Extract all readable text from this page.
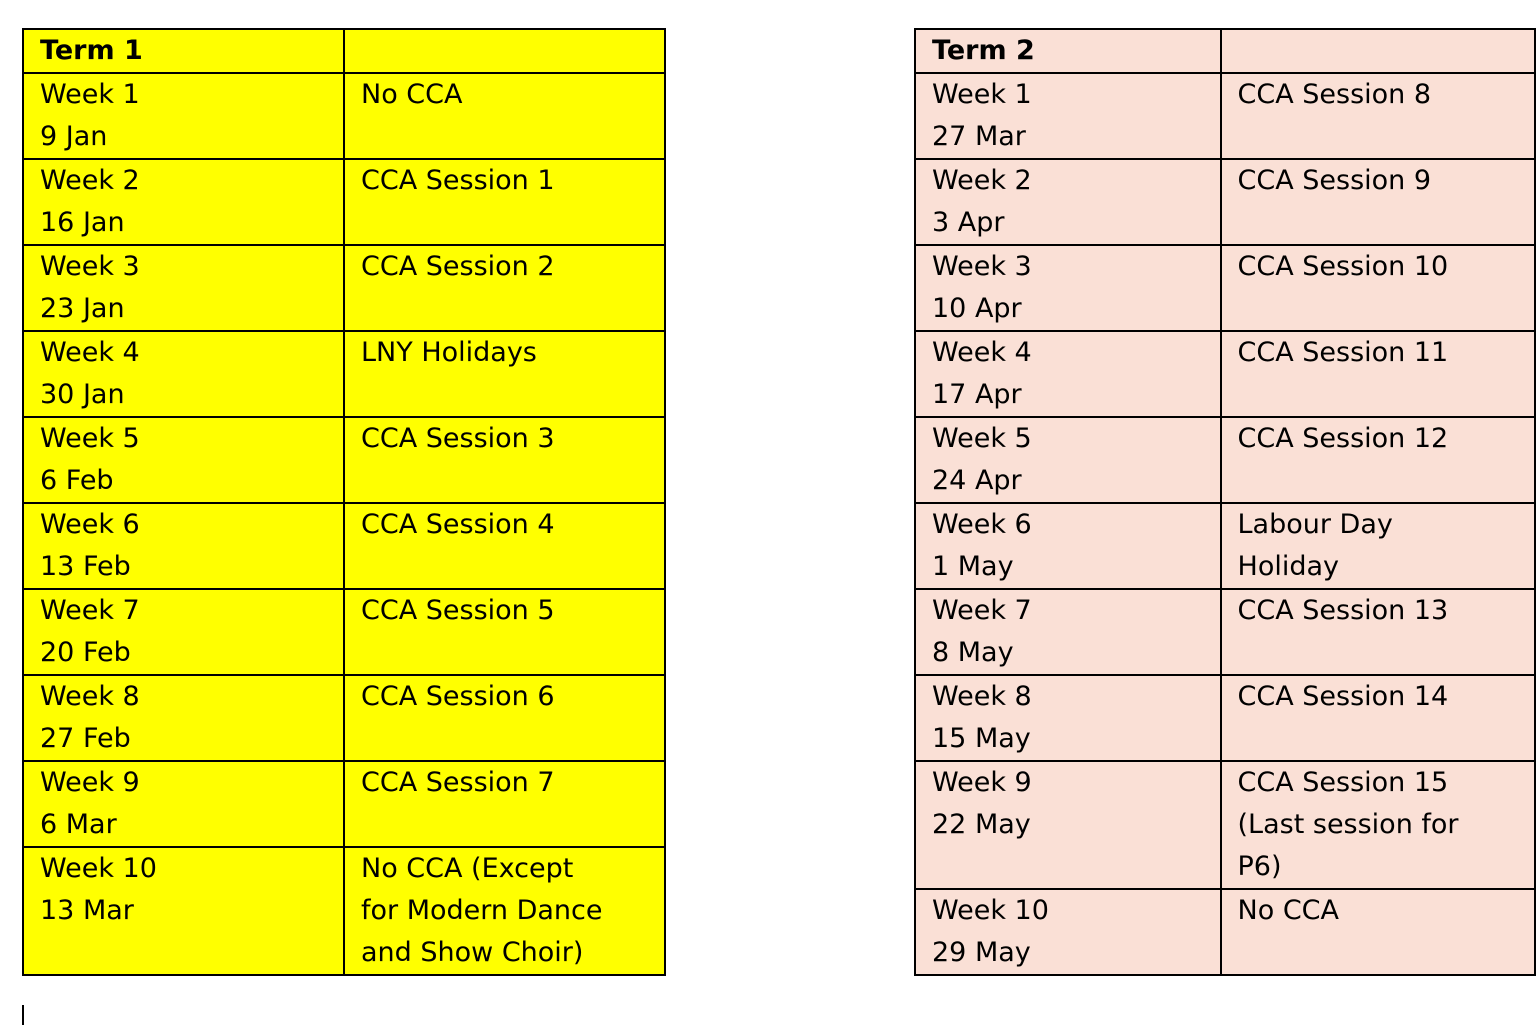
Term 1	

Week 1
9 Jan	No CCA

Week 2
16 Jan	CCA Session 1

Week 3
23 Jan	CCA Session 2

Week 4
30 Jan	LNY Holidays

Week 5
6 Feb	CCA Session 3

Week 6
13 Feb	CCA Session 4

Week 7
20 Feb	CCA Session 5

Week 8
27 Feb	CCA Session 6

Week 9
6 Mar	CCA Session 7

Week 10
13 Mar	No CCA (Except
for Modern Dance
and Show Choir)
Term 2	

Week 1
27 Mar	CCA Session 8

Week 2
3 Apr	CCA Session 9

Week 3
10 Apr	CCA Session 10

Week 4
17 Apr	CCA Session 11

Week 5
24 Apr	CCA Session 12

Week 6
1 May	Labour Day
Holiday

Week 7
8 May	CCA Session 13

Week 8
15 May	CCA Session 14

Week 9
22 May	CCA Session 15
(Last session for
P6)

Week 10
29 May	No CCA
